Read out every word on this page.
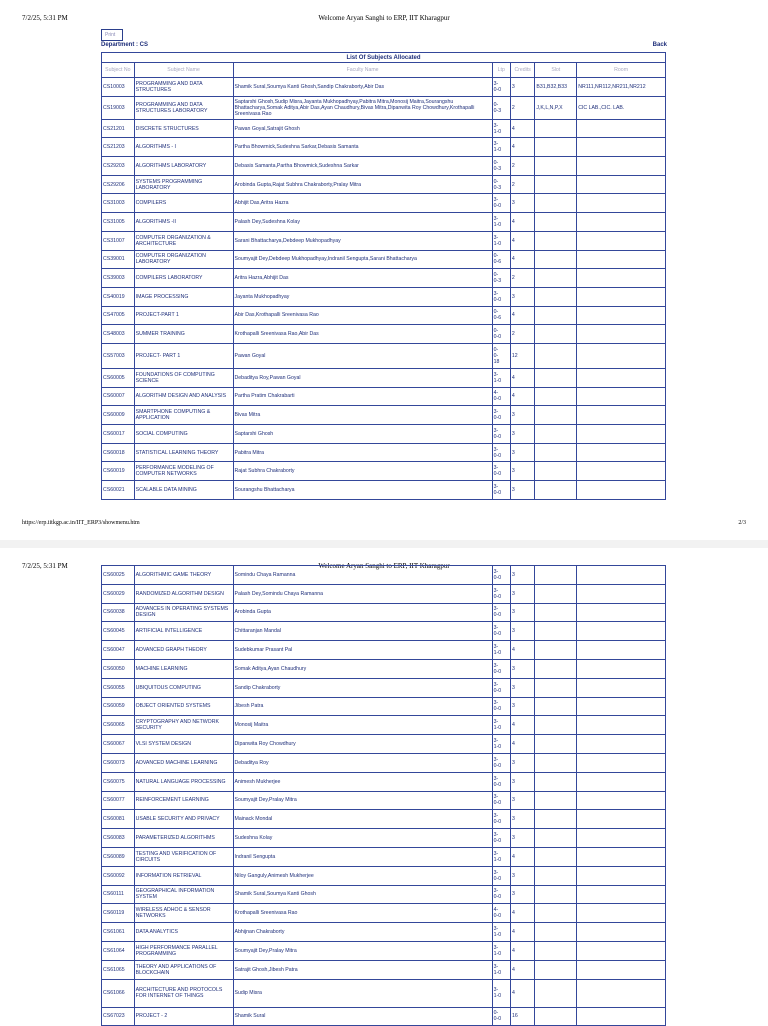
7/2/25, 5:31 PM	Welcome Aryan Sanghi to ERP, IIT Kharagpur
Print
Department : CS	Back
List Of Subjects Allocated						
Subject No	Subject Name	Faculty Name	Ltp	Credits	Slot	Room
CS10003	PROGRAMMING AND DATA STRUCTURES	Shamik Sural,Soumya Kanti Ghosh,Sandip Chakraborty,Abir Das	3-
0-0	3	B31,B32,B33	NR111,NR112,NR211,NR212
CS19003	PROGRAMMING AND DATA STRUCTURES LABORATORY	Saptarshi Ghosh,Sudip Misra,Jayanta Mukhopadhyay,Pabitra Mitra,Monosij Maitra,Sourangshu Bhattacharya,Somak Aditya,Abir Das,Ayan Chaudhury,Bivas Mitra,Dipanwita Roy Chowdhury,Krothapalli Sreenivasa Rao	0-
0-3	2	J,K,L,N,P,X	CIC LAB.,CIC. LAB.
CS21201	DISCRETE STRUCTURES	Pawan Goyal,Satrajit Ghosh	3-
1-0	4		
CS21203	ALGORITHMS - I	Partha Bhowmick,Sudeshna Sarkar,Debasis Samanta	3-
1-0	4		
CS29203	ALGORITHMS LABORATORY	Debasis Samanta,Partha Bhowmick,Sudeshna Sarkar	0-
0-3	2		
CS29206	SYSTEMS PROGRAMMING LABORATORY	Arobinda Gupta,Rajat Subhra Chakraborty,Pralay Mitra	0-
0-3	2		
CS31003	COMPILERS	Abhijit Das,Aritra Hazra	3-
0-0	3		
CS31005	ALGORITHMS -II	Palash Dey,Sudeshna Kolay	3-
1-0	4		
CS31007	COMPUTER ORGANIZATION & ARCHITECTURE	Sarani Bhattacharya,Debdeep Mukhopadhyay	3-
1-0	4		
CS39001	COMPUTER ORGANIZATION LABORATORY	Soumyajit Dey,Debdeep Mukhopadhyay,Indranil Sengupta,Sarani Bhattacharya	0-
0-6	4		
CS39003	COMPILERS LABORATORY	Aritra Hazra,Abhijit Das	0-
0-3	2		
CS40019	IMAGE PROCESSING	Jayanta Mukhopadhyay	3-
0-0	3		
CS47005	PROJECT-PART 1	Abir Das,Krothapalli Sreenivasa Rao	0-
0-6	4		
CS48003	SUMMER TRAINING	Krothapalli Sreenivasa Rao,Abir Das	0-
0-0	2		
CS57003	PROJECT- PART 1	Pawan Goyal	0-
0-
18	12		
CS60005	FOUNDATIONS OF COMPUTING SCIENCE	Debaditya Roy,Pawan Goyal	3-
1-0	4		
CS60007	ALGORITHM DESIGN AND ANALYSIS	Partha Pratim Chakrabarti	4-
0-0	4		
CS60009	SMARTPHONE COMPUTING & APPLICATION	Bivas Mitra	3-
0-0	3		
CS60017	SOCIAL COMPUTING	Saptarshi Ghosh	3-
0-0	3		
CS60018	STATISTICAL LEARNING THEORY	Pabitra Mitra	3-
0-0	3		
CS60019	PERFORMANCE MODELING OF COMPUTER NETWORKS	Rajat Subhra Chakraborty	3-
0-0	3		
CS60021	SCALABLE DATA MINING	Sourangshu Bhattacharya	3-
0-0	3		
https://erp.iitkgp.ac.in/IIT_ERP3/showmenu.htm	2/3
7/2/25, 5:31 PM	Welcome Aryan Sanghi to ERP, IIT Kharagpur
CS60025	ALGORITHMIC GAME THEORY	Somindu Chaya Ramanna	3-
0-0	3		
CS60029	RANDOMIZED ALGORITHM DESIGN	Palash Dey,Somindu Chaya Ramanna	3-
0-0	3		
CS60038	ADVANCES IN OPERATING SYSTEMS DESIGN	Arobinda Gupta	3-
0-0	3		
CS60045	ARTIFICIAL INTELLIGENCE	Chittaranjan Mandal	3-
0-0	3		
CS60047	ADVANCED GRAPH THEORY	Sudebkumar Prasant Pal	3-
1-0	4		
CS60050	MACHINE LEARNING	Somak Aditya,Ayan Chaudhury	3-
0-0	3		
CS60055	UBIQUITOUS COMPUTING	Sandip Chakraborty	3-
0-0	3		
CS60059	OBJECT ORIENTED SYSTEMS	Jibesh Patra	3-
0-0	3		
CS60065	CRYPTOGRAPHY AND NETWORK SECURITY	Monosij Maitra	3-
1-0	4		
CS60067	VLSI SYSTEM DESIGN	Dipanwita Roy Chowdhury	3-
1-0	4		
CS60073	ADVANCED MACHINE LEARNING	Debaditya Roy	3-
0-0	3		
CS60075	NATURAL LANGUAGE PROCESSING	Animesh Mukherjee	3-
0-0	3		
CS60077	REINFORCEMENT LEARNING	Soumyajit Dey,Pralay Mitra	3-
0-0	3		
CS60081	USABLE SECURITY AND PRIVACY	Mainack Mondal	3-
0-0	3		
CS60083	PARAMETERIZED ALGORITHMS	Sudeshna Kolay	3-
0-0	3		
CS60089	TESTING AND VERIFICATION OF CIRCUITS	Indranil Sengupta	3-
1-0	4		
CS60092	INFORMATION RETRIEVAL	Niloy Ganguly,Animesh Mukherjee	3-
0-0	3		
CS60111	GEOGRAPHICAL INFORMATION SYSTEM	Shamik Sural,Soumya Kanti Ghosh	3-
0-0	3		
CS60119	WIRELESS ADHOC & SENSOR NETWORKS	Krothapalli Sreenivasa Rao	4-
0-0	4		
CS61061	DATA ANALYTICS	Abhijnan Chakraborty	3-
1-0	4		
CS61064	HIGH PERFORMANCE PARALLEL PROGRAMMING	Soumyajit Dey,Pralay Mitra	3-
1-0	4		
CS61065	THEORY AND APPLICATIONS OF BLOCKCHAIN	Satrajit Ghosh,Jibesh Patra	3-
1-0	4		
CS61066	ARCHITECTURE AND PROTOCOLS FOR INTERNET OF THINGS	Sudip Misra	3-
1-0	4		
CS67023	PROJECT - 2	Shamik Sural	0-
0-0	16		
